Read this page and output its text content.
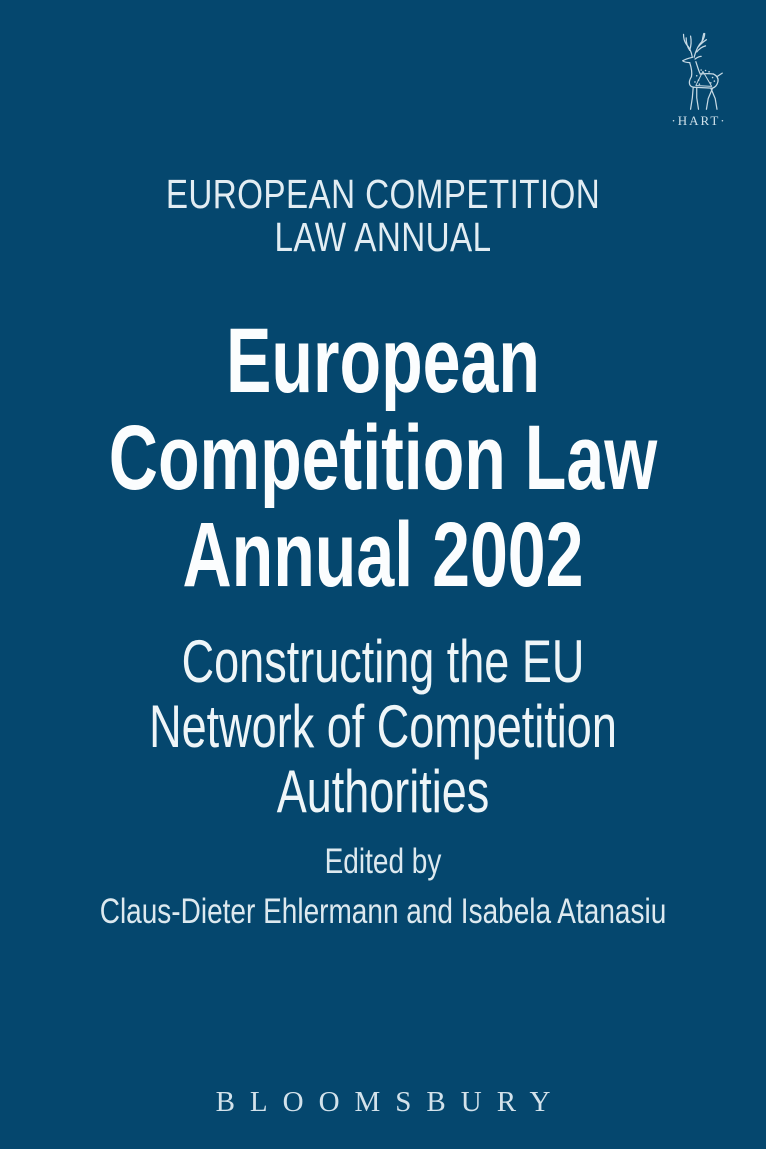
·HART·
EUROPEAN COMPETITION
LAW ANNUAL
European
Competition Law
Annual 2002
Constructing the EU
Network of Competition
Authorities
Edited by
Claus-Dieter Ehlermann and Isabela Atanasiu
BLOOMSBURY
